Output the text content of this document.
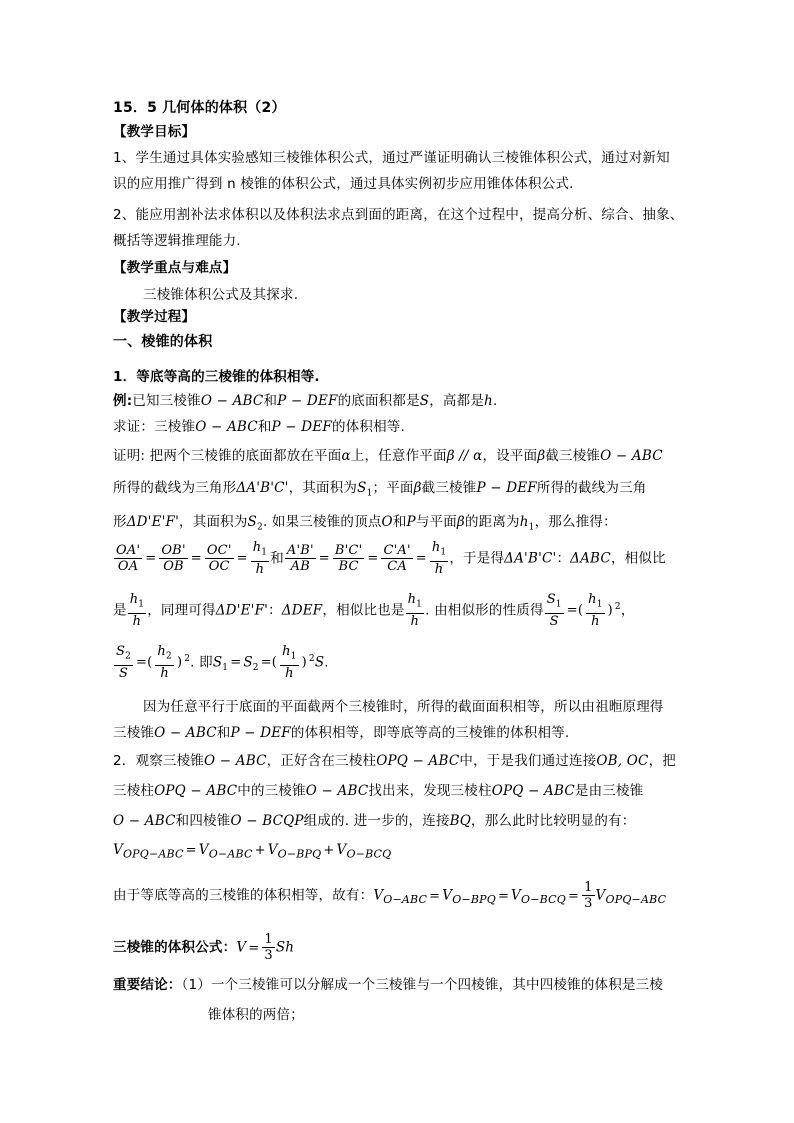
15．5 几何体的体积（2）
【教学目标】
1、学生通过具体实验感知三棱锥体积公式，通过严谨证明确认三棱锥体积公式，通过对新知
识的应用推广得到 n 棱锥的体积公式，通过具体实例初步应用锥体体积公式.
2、能应用割补法求体积以及体积法求点到面的距离，在这个过程中，提高分析、综合、抽象、
概括等逻辑推理能力.
【教学重点与难点】
三棱锥体积公式及其探求.
【教学过程】
一、棱锥的体积
1．等底等高的三棱锥的体积相等.
例:已知三棱锥O − ABC和P − DEF的底面积都是S，高都是h.
求证：三棱锥O − ABC和P − DEF的体积相等.
证明: 把两个三棱锥的底面都放在平面α上，任意作平面β // α，设平面β截三棱锥O − ABC
所得的截线为三角形ΔA'B'C'，其面积为$S_1$；平面β截三棱锥P − DEF所得的截线为三角
形ΔD'E'F'，其面积为$S_2$. 如果三棱锥的顶点O和P与平面β的距离为$h_1$，那么推得：
$\frac{OA'}{OA} = \frac{OB'}{OB} = \frac{OC'}{OC} = \frac{h_1}{h}$ 和 $\frac{A'B'}{AB} = \frac{B'C'}{BC} = \frac{C'A'}{CA} = \frac{h_1}{h}$ ，于是得ΔA'B'C'：ΔABC，相似比
是 $\frac{h_1}{h}$ ，同理可得ΔD'E'F'：ΔDEF，相似比也是 $\frac{h_1}{h}$ . 由相似形的性质得 $\frac{S_1}{S}$ =( $\frac{h_1}{h}$ ) $^2$，
$\frac{S_2}{S}$ =( $\frac{h_2}{h}$ ) $^2$. 即$S_1 = S_2$ =( $\frac{h_1}{h}$ ) $^2$S.
因为任意平行于底面的平面截两个三棱锥时，所得的截面面积相等，所以由祖暅原理得
三棱锥O − ABC和P − DEF的体积相等，即等底等高的三棱锥的体积相等.
2．观察三棱锥O − ABC，正好含在三棱柱OPQ − ABC中，于是我们通过连接OB, OC，把
三棱柱OPQ − ABC中的三棱锥O − ABC找出来，发现三棱柱OPQ − ABC是由三棱锥
O − ABC和四棱锥O − BCQP组成的. 进一步的，连接BQ，那么此时比较明显的有：
$V_{OPQ-ABC} = V_{O-ABC} + V_{O-BPQ} + V_{O-BCQ}$
由于等底等高的三棱锥的体积相等，故有：$V_{O-ABC} = V_{O-BPQ} = V_{O-BCQ} = \frac{1}{3} V_{OPQ-ABC}$
三棱锥的体积公式：$V = \frac{1}{3}$ Sh
重要结论：（1）一个三棱锥可以分解成一个三棱锥与一个四棱锥，其中四棱锥的体积是三棱
锥体积的两倍；
